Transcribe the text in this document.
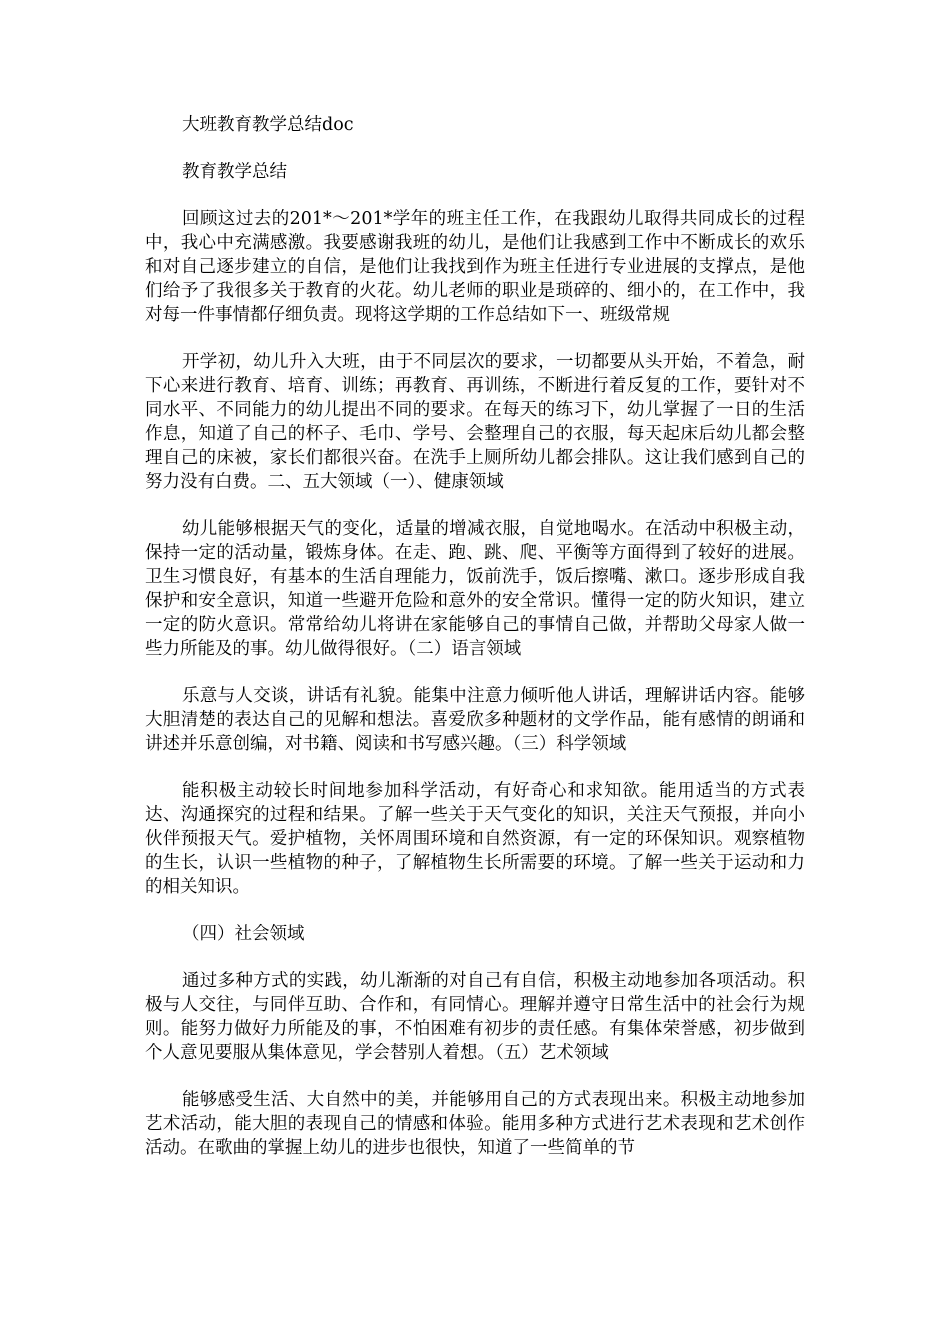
大班教育教学总结doc

教育教学总结

回顾这过去的201*～201*学年的班主任工作，在我跟幼儿取得共同成长的过程中，我心中充满感激。我要感谢我班的幼儿，是他们让我感到工作中不断成长的欢乐和对自己逐步建立的自信，是他们让我找到作为班主任进行专业进展的支撑点，是他们给予了我很多关于教育的火花。幼儿老师的职业是琐碎的、细小的，在工作中，我对每一件事情都仔细负责。现将这学期的工作总结如下一、班级常规

开学初，幼儿升入大班，由于不同层次的要求，一切都要从头开始，不着急，耐下心来进行教育、培育、训练；再教育、再训练，不断进行着反复的工作，要针对不同水平、不同能力的幼儿提出不同的要求。在每天的练习下，幼儿掌握了一日的生活作息，知道了自己的杯子、毛巾、学号、会整理自己的衣服，每天起床后幼儿都会整理自己的床被，家长们都很兴奋。在洗手上厕所幼儿都会排队。这让我们感到自己的努力没有白费。二、五大领域（一）、健康领域

幼儿能够根据天气的变化，适量的增减衣服，自觉地喝水。在活动中积极主动，保持一定的活动量，锻炼身体。在走、跑、跳、爬、平衡等方面得到了较好的进展。卫生习惯良好，有基本的生活自理能力，饭前洗手，饭后擦嘴、漱口。逐步形成自我保护和安全意识，知道一些避开危险和意外的安全常识。懂得一定的防火知识，建立一定的防火意识。常常给幼儿将讲在家能够自己的事情自己做，并帮助父母家人做一些力所能及的事。幼儿做得很好。（二）语言领域

乐意与人交谈，讲话有礼貌。能集中注意力倾听他人讲话，理解讲话内容。能够大胆清楚的表达自己的见解和想法。喜爱欣多种题材的文学作品，能有感情的朗诵和讲述并乐意创编，对书籍、阅读和书写感兴趣。（三）科学领域

能积极主动较长时间地参加科学活动，有好奇心和求知欲。能用适当的方式表达、沟通探究的过程和结果。了解一些关于天气变化的知识，关注天气预报，并向小伙伴预报天气。爱护植物，关怀周围环境和自然资源，有一定的环保知识。观察植物的生长，认识一些植物的种子，了解植物生长所需要的环境。了解一些关于运动和力的相关知识。

（四）社会领域

通过多种方式的实践，幼儿渐渐的对自己有自信，积极主动地参加各项活动。积极与人交往，与同伴互助、合作和，有同情心。理解并遵守日常生活中的社会行为规则。能努力做好力所能及的事，不怕困难有初步的责任感。有集体荣誉感，初步做到个人意见要服从集体意见，学会替别人着想。（五）艺术领域

能够感受生活、大自然中的美，并能够用自己的方式表现出来。积极主动地参加艺术活动，能大胆的表现自己的情感和体验。能用多种方式进行艺术表现和艺术创作活动。在歌曲的掌握上幼儿的进步也很快，知道了一些简单的节
